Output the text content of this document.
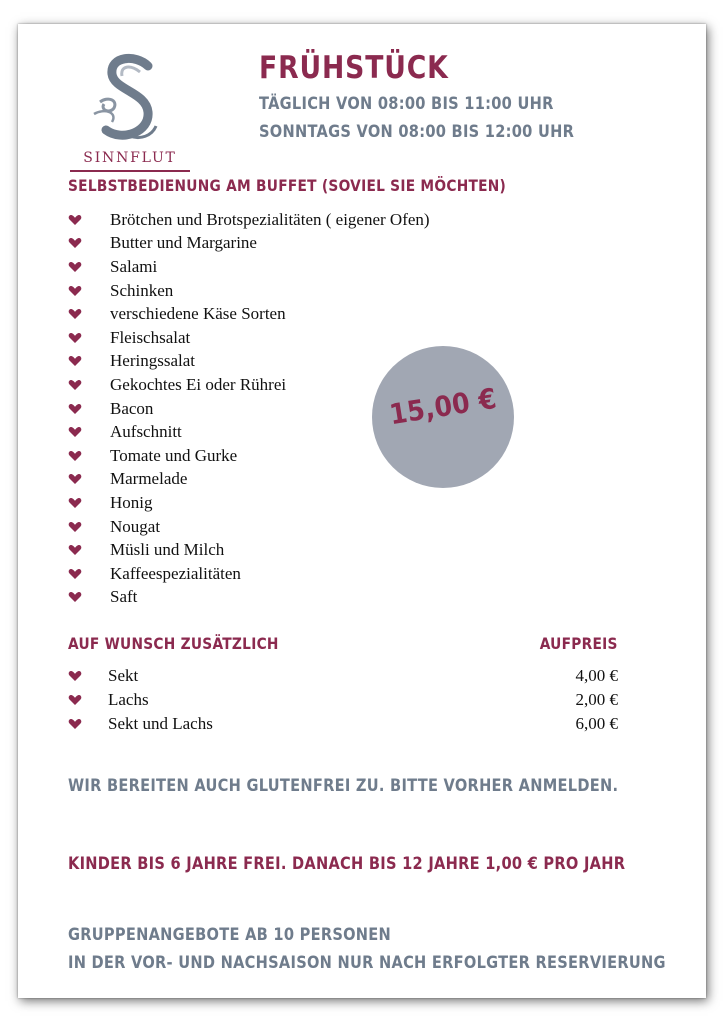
SINNFLUT
FRÜHSTÜCK
TÄGLICH VON 08:00 BIS 11:00 UHR
SONNTAGS VON 08:00 BIS 12:00 UHR
SELBSTBEDIENUNG AM BUFFET (SOVIEL SIE MÖCHTEN)
Brötchen und Brotspezialitäten ( eigener Ofen)
Butter und Margarine
Salami
Schinken
verschiedene Käse Sorten
Fleischsalat
Heringssalat
Gekochtes Ei oder Rührei
Bacon
Aufschnitt
Tomate und Gurke
Marmelade
Honig
Nougat
Müsli und Milch
Kaffeespezialitäten
Saft
15,00 €
AUF WUNSCH ZUSÄTZLICH	AUFPREIS
Sekt	4,00 €
Lachs	2,00 €
Sekt und Lachs	6,00 €
WIR BEREITEN AUCH GLUTENFREI ZU. BITTE VORHER ANMELDEN.
KINDER BIS 6 JAHRE FREI. DANACH BIS 12 JAHRE 1,00 € PRO JAHR
GRUPPENANGEBOTE AB 10 PERSONEN
IN DER VOR- UND NACHSAISON NUR NACH ERFOLGTER RESERVIERUNG
